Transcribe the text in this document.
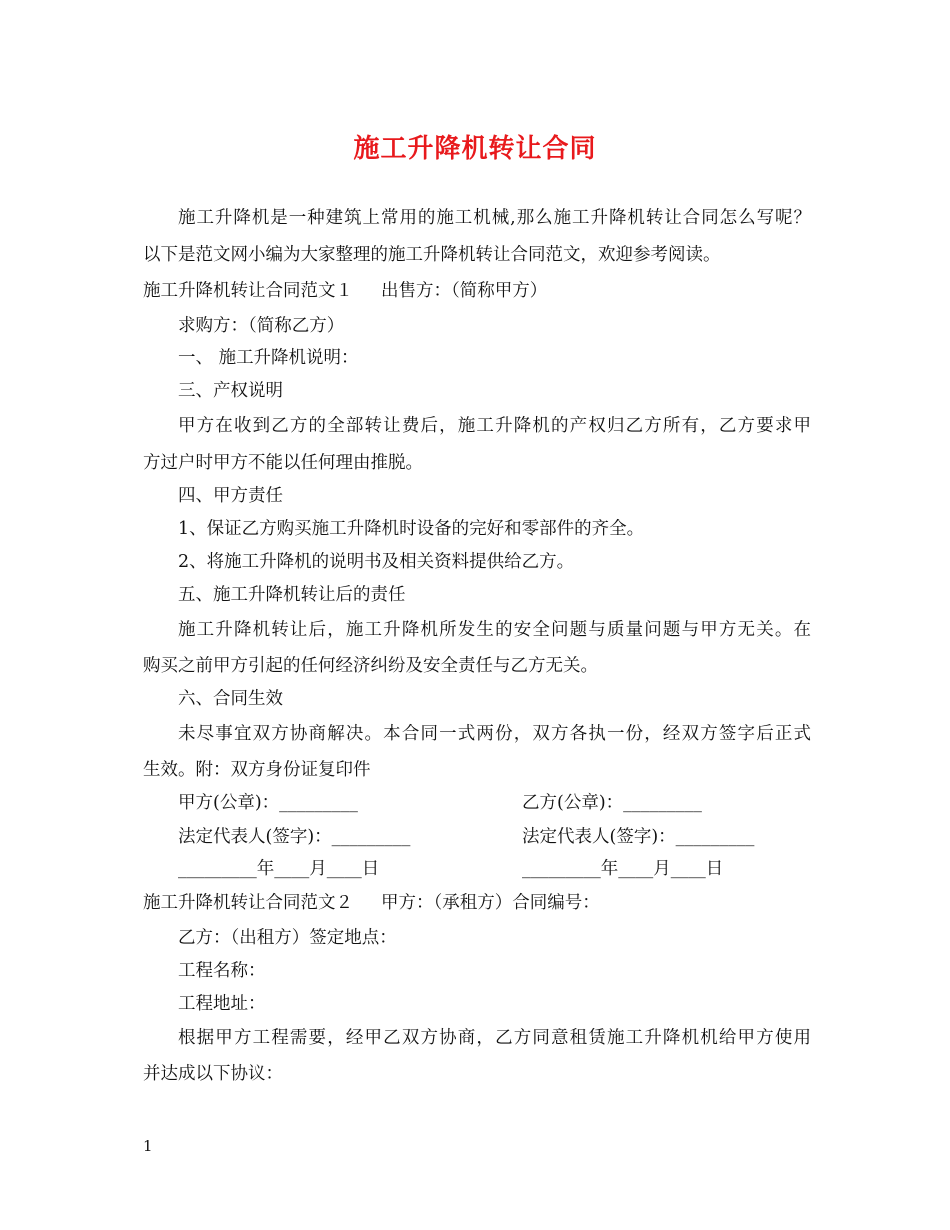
施工升降机转让合同
施工升降机是一种建筑上常用的施工机械,那么施工升降机转让合同怎么写呢？
以下是范文网小编为大家整理的施工升降机转让合同范文，欢迎参考阅读。
施工升降机转让合同范文１ 出售方：（简称甲方）
求购方：（简称乙方）
一、 施工升降机说明：
三、产权说明
甲方在收到乙方的全部转让费后，施工升降机的产权归乙方所有，乙方要求甲
方过户时甲方不能以任何理由推脱。
四、甲方责任
1、保证乙方购买施工升降机时设备的完好和零部件的齐全。
2、将施工升降机的说明书及相关资料提供给乙方。
五、施工升降机转让后的责任
施工升降机转让后，施工升降机所发生的安全问题与质量问题与甲方无关。在
购买之前甲方引起的任何经济纠纷及安全责任与乙方无关。
六、合同生效
未尽事宜双方协商解决。本合同一式两份，双方各执一份，经双方签字后正式
生效。附：双方身份证复印件
甲方(公章)：_________	乙方(公章)：_________
法定代表人(签字)：_________	法定代表人(签字)：_________
_________年____月____日	_________年____月____日
施工升降机转让合同范文２ 甲方：（承租方）合同编号：
乙方：（出租方）签定地点：
工程名称：
工程地址：
根据甲方工程需要，经甲乙双方协商，乙方同意租赁施工升降机机给甲方使用
并达成以下协议：
1
